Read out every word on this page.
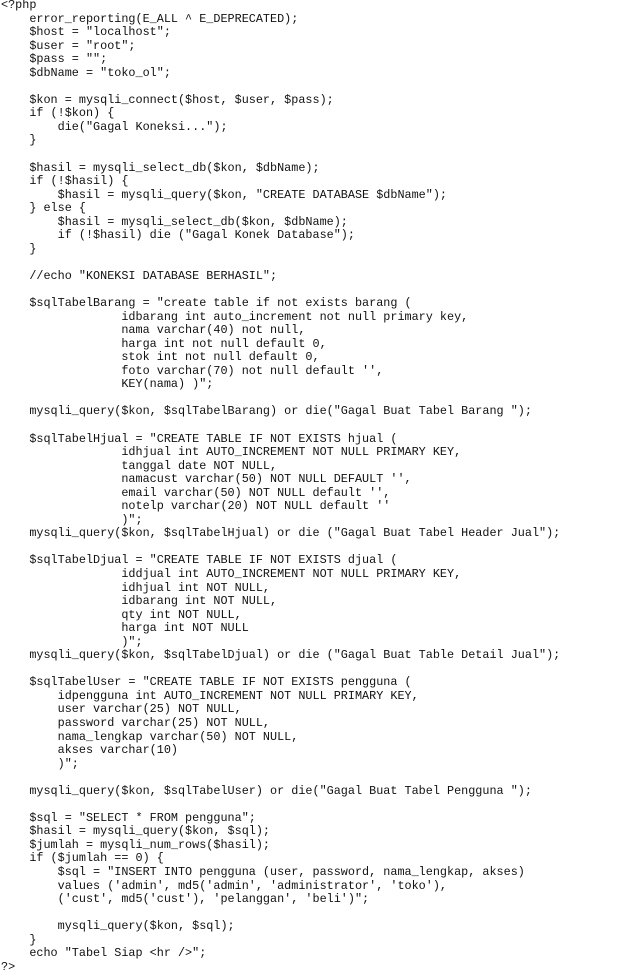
<?php
error_reporting(E_ALL ^ E_DEPRECATED);
$host = "localhost";
$user = "root";
$pass = "";
$dbName = "toko_ol";
$kon = mysqli_connect($host, $user, $pass);
if (!$kon) {
die("Gagal Koneksi...");
}
$hasil = mysqli_select_db($kon, $dbName);
if (!$hasil) {
$hasil = mysqli_query($kon, "CREATE DATABASE $dbName");
} else {
$hasil = mysqli_select_db($kon, $dbName);
if (!$hasil) die ("Gagal Konek Database");
}
//echo "KONEKSI DATABASE BERHASIL";
$sqlTabelBarang = "create table if not exists barang (
idbarang int auto_increment not null primary key,
nama varchar(40) not null,
harga int not null default 0,
stok int not null default 0,
foto varchar(70) not null default '',
KEY(nama) )";
mysqli_query($kon, $sqlTabelBarang) or die("Gagal Buat Tabel Barang ");
$sqlTabelHjual = "CREATE TABLE IF NOT EXISTS hjual (
idhjual int AUTO_INCREMENT NOT NULL PRIMARY KEY,
tanggal date NOT NULL,
namacust varchar(50) NOT NULL DEFAULT '',
email varchar(50) NOT NULL default '',
notelp varchar(20) NOT NULL default ''
)";
mysqli_query($kon, $sqlTabelHjual) or die ("Gagal Buat Tabel Header Jual");
$sqlTabelDjual = "CREATE TABLE IF NOT EXISTS djual (
iddjual int AUTO_INCREMENT NOT NULL PRIMARY KEY,
idhjual int NOT NULL,
idbarang int NOT NULL,
qty int NOT NULL,
harga int NOT NULL
)";
mysqli_query($kon, $sqlTabelDjual) or die ("Gagal Buat Table Detail Jual");
$sqlTabelUser = "CREATE TABLE IF NOT EXISTS pengguna (
idpengguna int AUTO_INCREMENT NOT NULL PRIMARY KEY,
user varchar(25) NOT NULL,
password varchar(25) NOT NULL,
nama_lengkap varchar(50) NOT NULL,
akses varchar(10)
)";
mysqli_query($kon, $sqlTabelUser) or die("Gagal Buat Tabel Pengguna ");
$sql = "SELECT * FROM pengguna";
$hasil = mysqli_query($kon, $sql);
$jumlah = mysqli_num_rows($hasil);
if ($jumlah == 0) {
$sql = "INSERT INTO pengguna (user, password, nama_lengkap, akses)
values ('admin', md5('admin', 'administrator', 'toko'),
('cust', md5('cust'), 'pelanggan', 'beli')";
mysqli_query($kon, $sql);
}
echo "Tabel Siap <hr />";
?>
